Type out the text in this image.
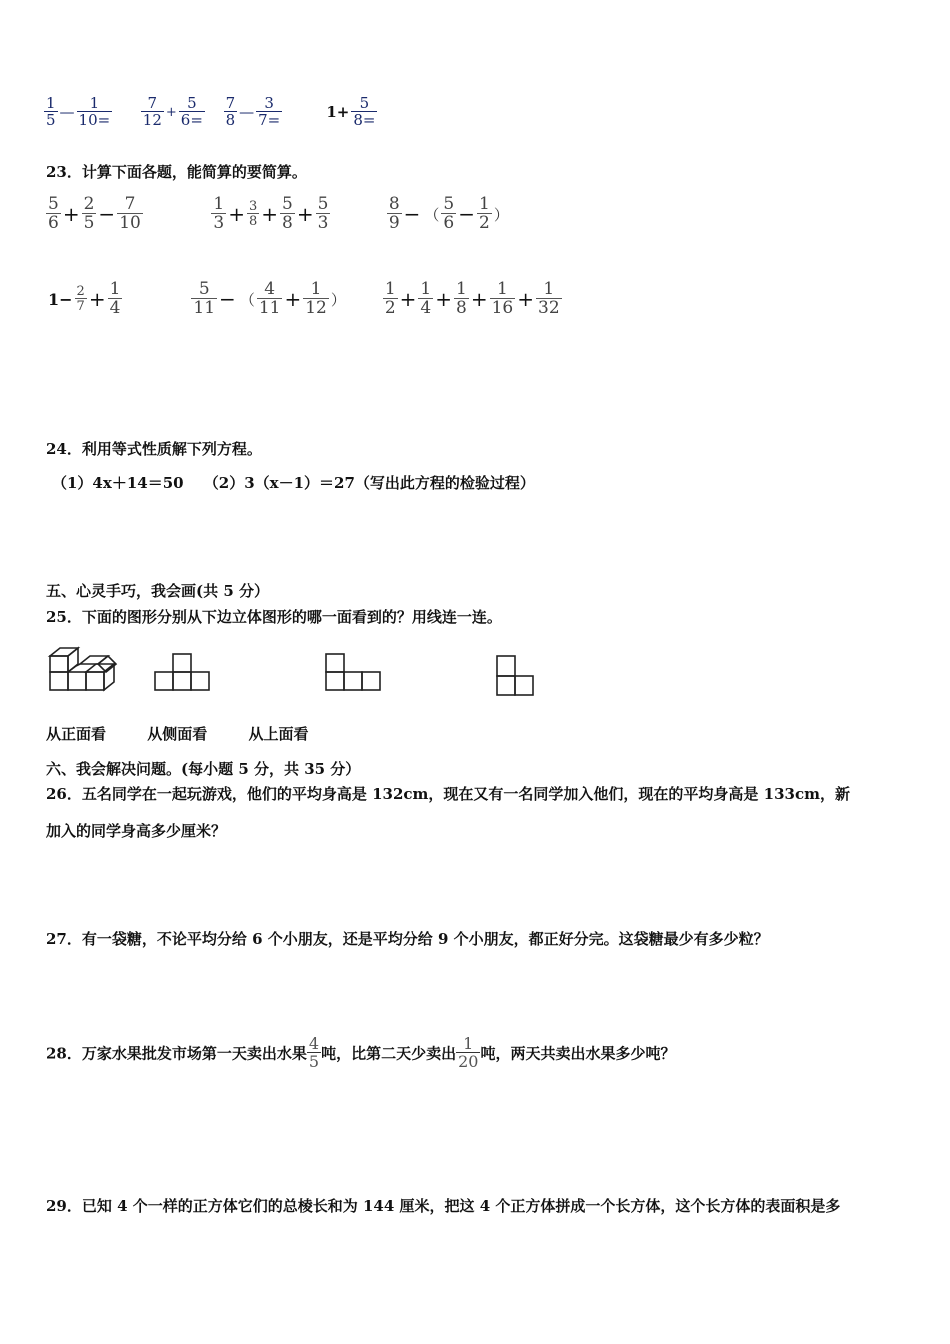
$\frac{1}{5}$ — $\frac{1}{10=}$
$\frac{7}{12} + \frac{5}{6=}$
$\frac{7}{8}$ — $\frac{3}{7=}$	$1+ \frac{5}{8=}$
23．计算下面各题，能简算的要简算。
$\frac{5}{6} + \frac{2}{5} - \frac{7}{10}$
	$\frac{1}{3} + \frac{3}{8} + \frac{5}{8} + \frac{5}{3}$
	$\frac{8}{9}$ − （ $\frac{5}{6} - \frac{1}{2}$ ）
$1- \frac{2}{7} + \frac{1}{4}$
	$\frac{5}{11}$ − （ $\frac{4}{11} + \frac{1}{12}$ ） $\frac{1}{2} + \frac{1}{4} + \frac{1}{8} + \frac{1}{16} + \frac{1}{32}$
24．利用等式性质解下列方程。
（1）4x＋14＝50　 （2）3（x－1）＝27（写出此方程的检验过程）
五、心灵手巧，我会画(共 5 分）
25．下面的图形分别从下边立体图形的哪一面看到的？用线连一连。
从正面看	从侧面看	从上面看
六、我会解决问题。(每小题 5 分，共 35 分）
26．五名同学在一起玩游戏，他们的平均身高是 132cm，现在又有一名同学加入他们，现在的平均身高是 133cm，新
加入的同学身高多少厘米？
27．有一袋糖，不论平均分给 6 个小朋友，还是平均分给 9 个小朋友，都正好分完。这袋糖最少有多少粒？
28．万家水果批发市场第一天卖出水果 $\frac{4}{5}$ 吨，比第二天少卖出 $\frac{1}{20}$ 吨，两天共卖出水果多少吨？
29．已知 4 个一样的正方体它们的总棱长和为 144 厘米，把这 4 个正方体拼成一个长方体，这个长方体的表面积是多
